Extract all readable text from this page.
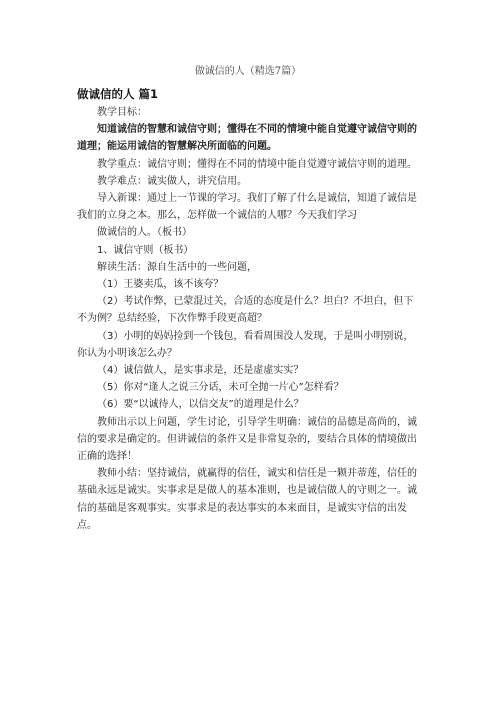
做诚信的人（精选7篇）
做诚信的人 篇1

教学目标：

知道诚信的智慧和诚信守则；懂得在不同的情境中能自觉遵守诚信守则的道理；能运用诚信的智慧解决所面临的问题。

教学重点：诚信守则；懂得在不同的情境中能自觉遵守诚信守则的道理。

教学难点：诚实做人，讲究信用。

导入新课：通过上一节课的学习。我们了解了什么是诚信，知道了诚信是我们的立身之本。那么，怎样做一个诚信的人哪？今天我们学习

做诚信的人。（板书）

1、诚信守则（板书）

解读生活：源自生活中的一些问题，

（1）王婆卖瓜，该不该夸？

（2）考试作弊，已蒙混过关，合适的态度是什么？坦白？不坦白，但下不为例？总结经验，下次作弊手段更高超？

（3）小明的妈妈捡到一个钱包，看看周围没人发现，于是叫小明别说，你认为小明该怎么办？

（4）诚信做人，是实事求是，还是虚虚实实？

（5）你对“逢人之说三分话，未可全抛一片心”怎样看？

（6）要“以诚待人，以信交友”的道理是什么？

教师出示以上问题，学生讨论，引导学生明确：诚信的品德是高尚的，诚信的要求是确定的。但讲诚信的条件又是非常复杂的，要结合具体的情境做出正确的选择！

教师小结：坚持诚信，就赢得的信任，诚实和信任是一颗并蒂莲，信任的基础永远是诚实。实事求是是做人的基本准则，也是诚信做人的守则之一。诚信的基础是客观事实。实事求是的表达事实的本来面目，是诚实守信的出发点。
